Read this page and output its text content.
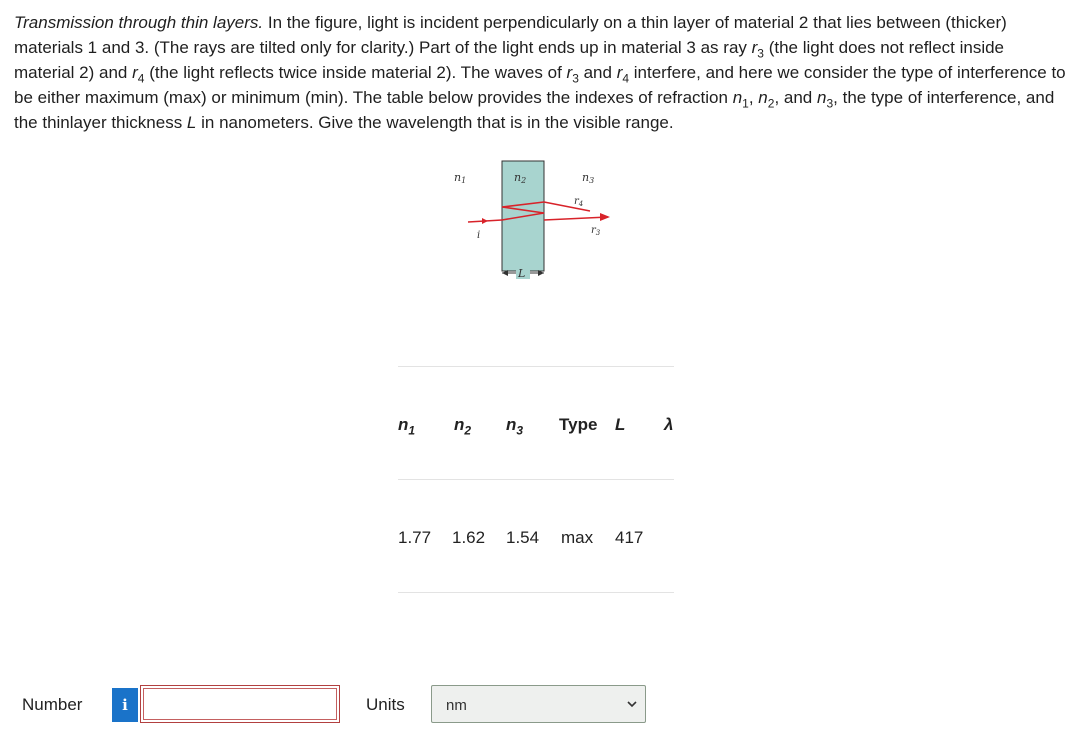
Transmission through thin layers. In the figure, light is incident perpendicularly on a thin layer of material 2 that lies between (thicker) materials 1 and 3. (The rays are tilted only for clarity.) Part of the light ends up in material 3 as ray $r_3$ (the light does not reflect inside material 2) and $r_4$ (the light reflects twice inside material 2). The waves of $r_3$ and $r_4$ interfere, and here we consider the type of interference to be either maximum (max) or minimum (min). The table below provides the indexes of refraction $n_1$, $n_2$, and $n_3$, the type of interference, and the thinlayer thickness L in nanometers. Give the wavelength that is in the visible range.
n1	n2	n3
$r_4$
$r_3$
i
L
$n_1$ $n_2$ $n_3$ Type L λ
1.77 1.62 1.54 max 417
Number	i	Units	nm
